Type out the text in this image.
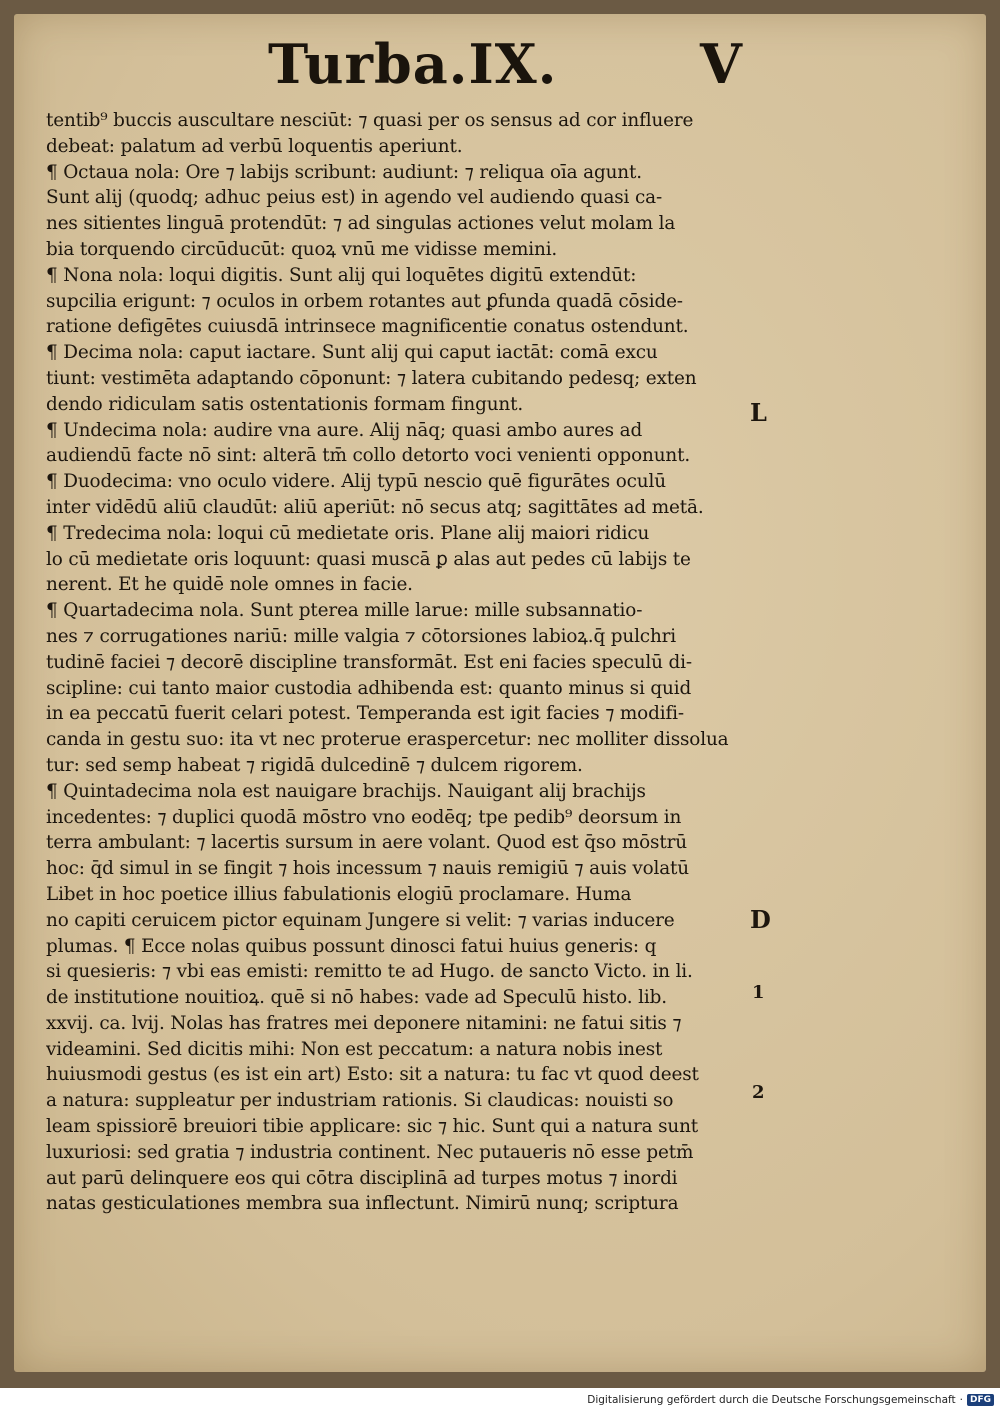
Turba.IX.	V
tentib⁹ buccis auscultare nesciūt: ⁊ quasi per os sensus ad cor influere
debeat: palatum ad verbū loquentis aperiunt.
¶ Octaua nola: Ore ⁊ labijs scribunt: audiunt: ⁊ reliqua oīa agunt.
Sunt alij (quodq; adhuc peius est) in agendo vel audiendo quasi ca-
nes sitientes linguā protendūt: ⁊ ad singulas actiones velut molam la
bia torquendo circūducūt: quoꝝ vnū me vidisse memini.
¶ Nona nola: loqui digitis. Sunt alij qui loquētes digitū extendūt:
supcilia erigunt: ⁊ oculos in orbem rotantes aut ꝑfunda quadā cōside-
ratione defigētes cuiusdā intrinsece magnificentie conatus ostendunt.
¶ Decima nola: caput iactare. Sunt alij qui caput iactāt: comā excu
tiunt: vestimēta adaptando cōponunt: ⁊ latera cubitando pedesq; exten
dendo ridiculam satis ostentationis formam fingunt.
¶ Undecima nola: audire vna aure. Alij nāq; quasi ambo aures ad
audiendū facte nō sint: alterā tm̄ collo detorto voci venienti opponunt.
¶ Duodecima: vno oculo videre. Alij typū nescio quē figurātes oculū
inter vidēdū aliū claudūt: aliū aperiūt: nō secus atq; sagittātes ad metā.
¶ Tredecima nola: loqui cū medietate oris. Plane alij maiori ridicu
lo cū medietate oris loquunt: quasi muscā ꝑ alas aut pedes cū labijs te
nerent. Et he quidē nole omnes in facie.
¶ Quartadecima nola. Sunt pterea mille larue: mille subsannatio-
nes ⁊ corrugationes nariū: mille valgia ⁊ cōtorsiones labioꝝ.q̄ pulchri
tudinē faciei ⁊ decorē discipline transformāt. Est eni facies speculū di-
scipline: cui tanto maior custodia adhibenda est: quanto minus si quid
in ea peccatū fuerit celari potest. Temperanda est igit facies ⁊ modifi-
canda in gestu suo: ita vt nec proterue eraspercetur: nec molliter dissolua
tur: sed semp habeat ⁊ rigidā dulcedinē ⁊ dulcem rigorem.
¶ Quintadecima nola est nauigare brachijs. Nauigant alij brachijs
incedentes: ⁊ duplici quodā mōstro vno eodēq; tpe pedib⁹ deorsum in
terra ambulant: ⁊ lacertis sursum in aere volant. Quod est q̄so mōstrū
hoc: q̄d simul in se fingit ⁊ hois incessum ⁊ nauis remigiū ⁊ auis volatū
Libet in hoc poetice illius fabulationis elogiū proclamare. Huma
no capiti ceruicem pictor equinam Jungere si velit: ⁊ varias inducere
plumas. ¶ Ecce nolas quibus possunt dinosci fatui huius generis: q
si quesieris: ⁊ vbi eas emisti: remitto te ad Hugo. de sancto Victo. in li.
de institutione nouitioꝝ. quē si nō habes: vade ad Speculū histo. lib.
xxvij. ca. lvij. Nolas has fratres mei deponere nitamini: ne fatui sitis ⁊
videamini. Sed dicitis mihi: Non est peccatum: a natura nobis inest
huiusmodi gestus (es ist ein art) Esto: sit a natura: tu fac vt quod deest
a natura: suppleatur per industriam rationis. Si claudicas: nouisti so
leam spissiorē breuiori tibie applicare: sic ⁊ hic. Sunt qui a natura sunt
luxuriosi: sed gratia ⁊ industria continent. Nec putaueris nō esse petm̄
aut parū delinquere eos qui cōtra disciplinā ad turpes motus ⁊ inordi
natas gesticulationes membra sua inflectunt. Nimirū nunq; scriptura
L
D
1
2
Digitalisierung gefördert durch die Deutsche Forschungsgemeinschaft · DFG
